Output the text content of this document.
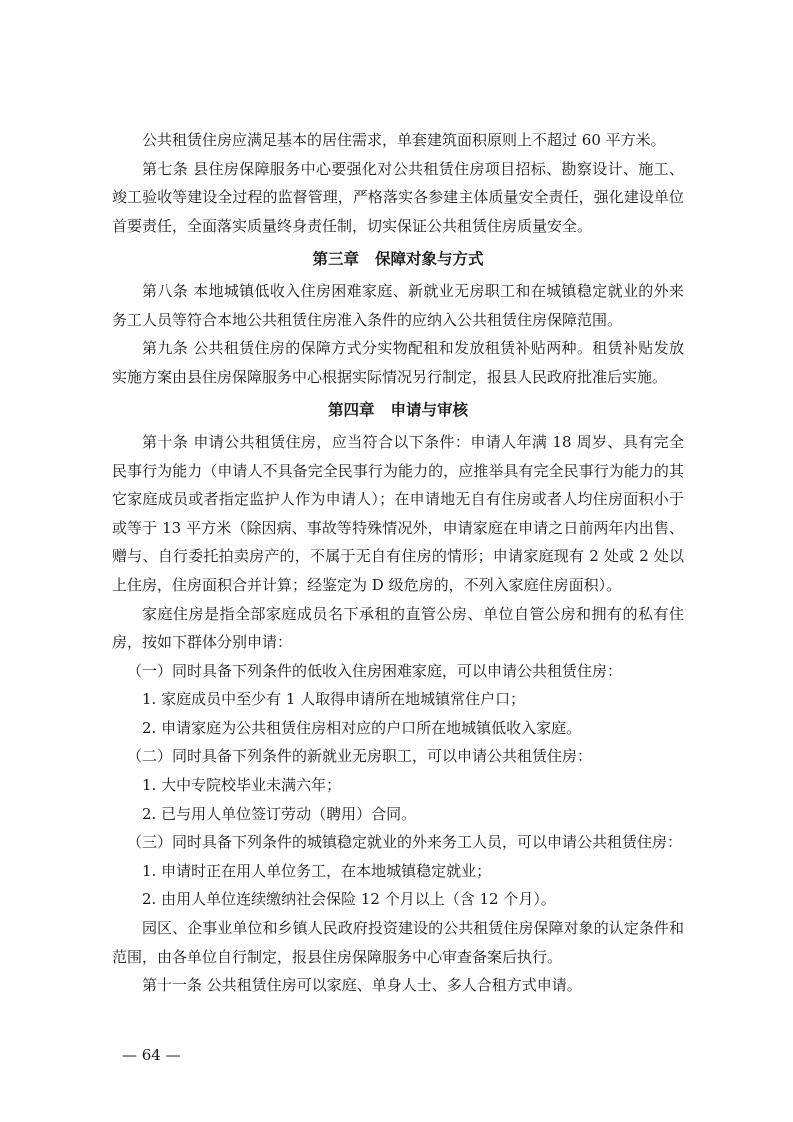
公共租赁住房应满足基本的居住需求，单套建筑面积原则上不超过 60 平方米。

第七条 县住房保障服务中心要强化对公共租赁住房项目招标、勘察设计、施工、竣工验收等建设全过程的监督管理，严格落实各参建主体质量安全责任，强化建设单位首要责任，全面落实质量终身责任制，切实保证公共租赁住房质量安全。

第三章 保障对象与方式

第八条 本地城镇低收入住房困难家庭、新就业无房职工和在城镇稳定就业的外来务工人员等符合本地公共租赁住房准入条件的应纳入公共租赁住房保障范围。

第九条 公共租赁住房的保障方式分实物配租和发放租赁补贴两种。租赁补贴发放实施方案由县住房保障服务中心根据实际情况另行制定，报县人民政府批准后实施。

第四章 申请与审核

第十条 申请公共租赁住房，应当符合以下条件：申请人年满 18 周岁、具有完全民事行为能力（申请人不具备完全民事行为能力的，应推举具有完全民事行为能力的其它家庭成员或者指定监护人作为申请人）；在申请地无自有住房或者人均住房面积小于或等于 13 平方米（除因病、事故等特殊情况外，申请家庭在申请之日前两年内出售、赠与、自行委托拍卖房产的，不属于无自有住房的情形；申请家庭现有 2 处或 2 处以上住房，住房面积合并计算；经鉴定为 D 级危房的，不列入家庭住房面积）。

家庭住房是指全部家庭成员名下承租的直管公房、单位自管公房和拥有的私有住房，按如下群体分别申请：

（一）同时具备下列条件的低收入住房困难家庭，可以申请公共租赁住房：

1. 家庭成员中至少有 1 人取得申请所在地城镇常住户口；

2. 申请家庭为公共租赁住房相对应的户口所在地城镇低收入家庭。

（二）同时具备下列条件的新就业无房职工，可以申请公共租赁住房：

1. 大中专院校毕业未满六年；

2. 已与用人单位签订劳动（聘用）合同。

（三）同时具备下列条件的城镇稳定就业的外来务工人员，可以申请公共租赁住房：

1. 申请时正在用人单位务工，在本地城镇稳定就业；

2. 由用人单位连续缴纳社会保险 12 个月以上（含 12 个月）。

园区、企事业单位和乡镇人民政府投资建设的公共租赁住房保障对象的认定条件和范围，由各单位自行制定，报县住房保障服务中心审查备案后执行。

第十一条 公共租赁住房可以家庭、单身人士、多人合租方式申请。

— 64 —
